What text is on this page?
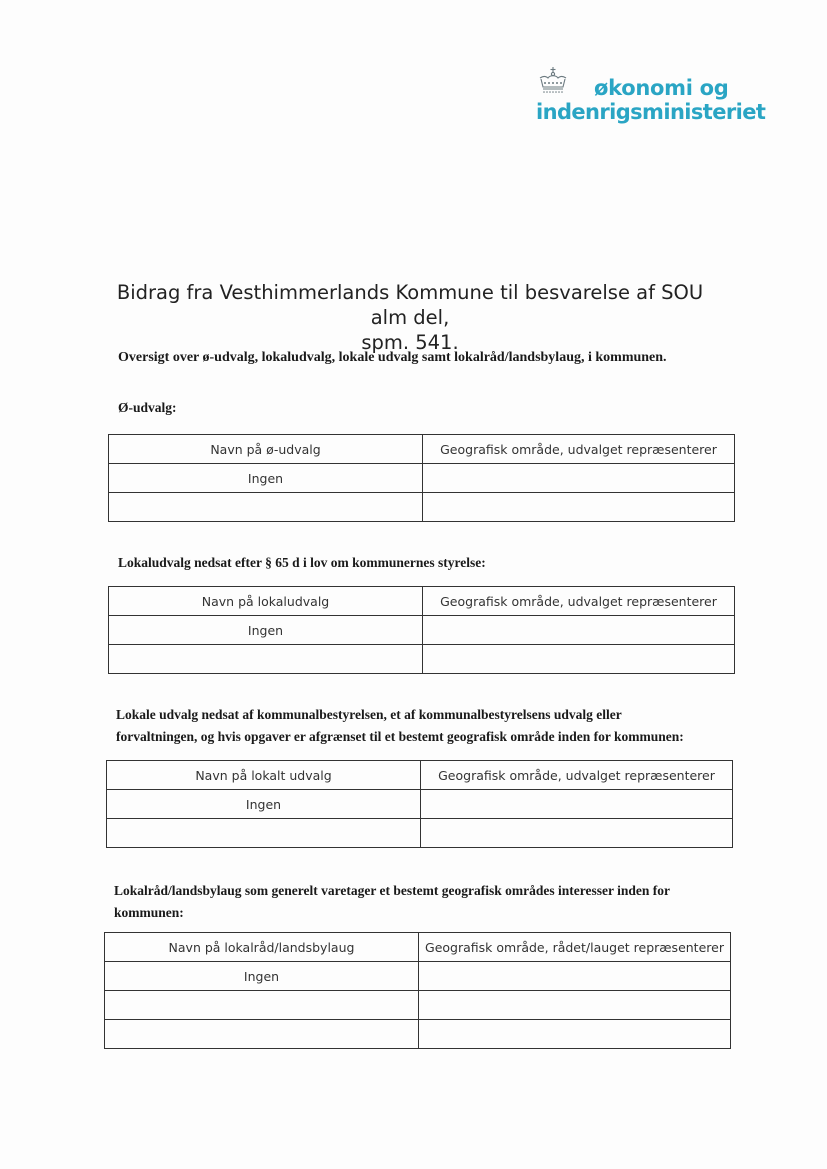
økonomi og
indenrigsministeriet
Bidrag fra Vesthimmerlands Kommune til besvarelse af SOU alm del,
spm. 541.
Oversigt over ø-udvalg, lokaludvalg, lokale udvalg samt lokalråd/landsbylaug, i kommunen.
Ø-udvalg:
Navn på ø-udvalg	Geografisk område, udvalget repræsenterer
Ingen	

Lokaludvalg nedsat efter § 65 d i lov om kommunernes styrelse:
Navn på lokaludvalg	Geografisk område, udvalget repræsenterer
Ingen	

Lokale udvalg nedsat af kommunalbestyrelsen, et af kommunalbestyrelsens udvalg eller
forvaltningen, og hvis opgaver er afgrænset til et bestemt geografisk område inden for kommunen:
Navn på lokalt udvalg	Geografisk område, udvalget repræsenterer
Ingen	

Lokalråd/landsbylaug som generelt varetager et bestemt geografisk områdes interesser inden for
kommunen:
Navn på lokalråd/landsbylaug	Geografisk område, rådet/lauget repræsenterer
Ingen	
